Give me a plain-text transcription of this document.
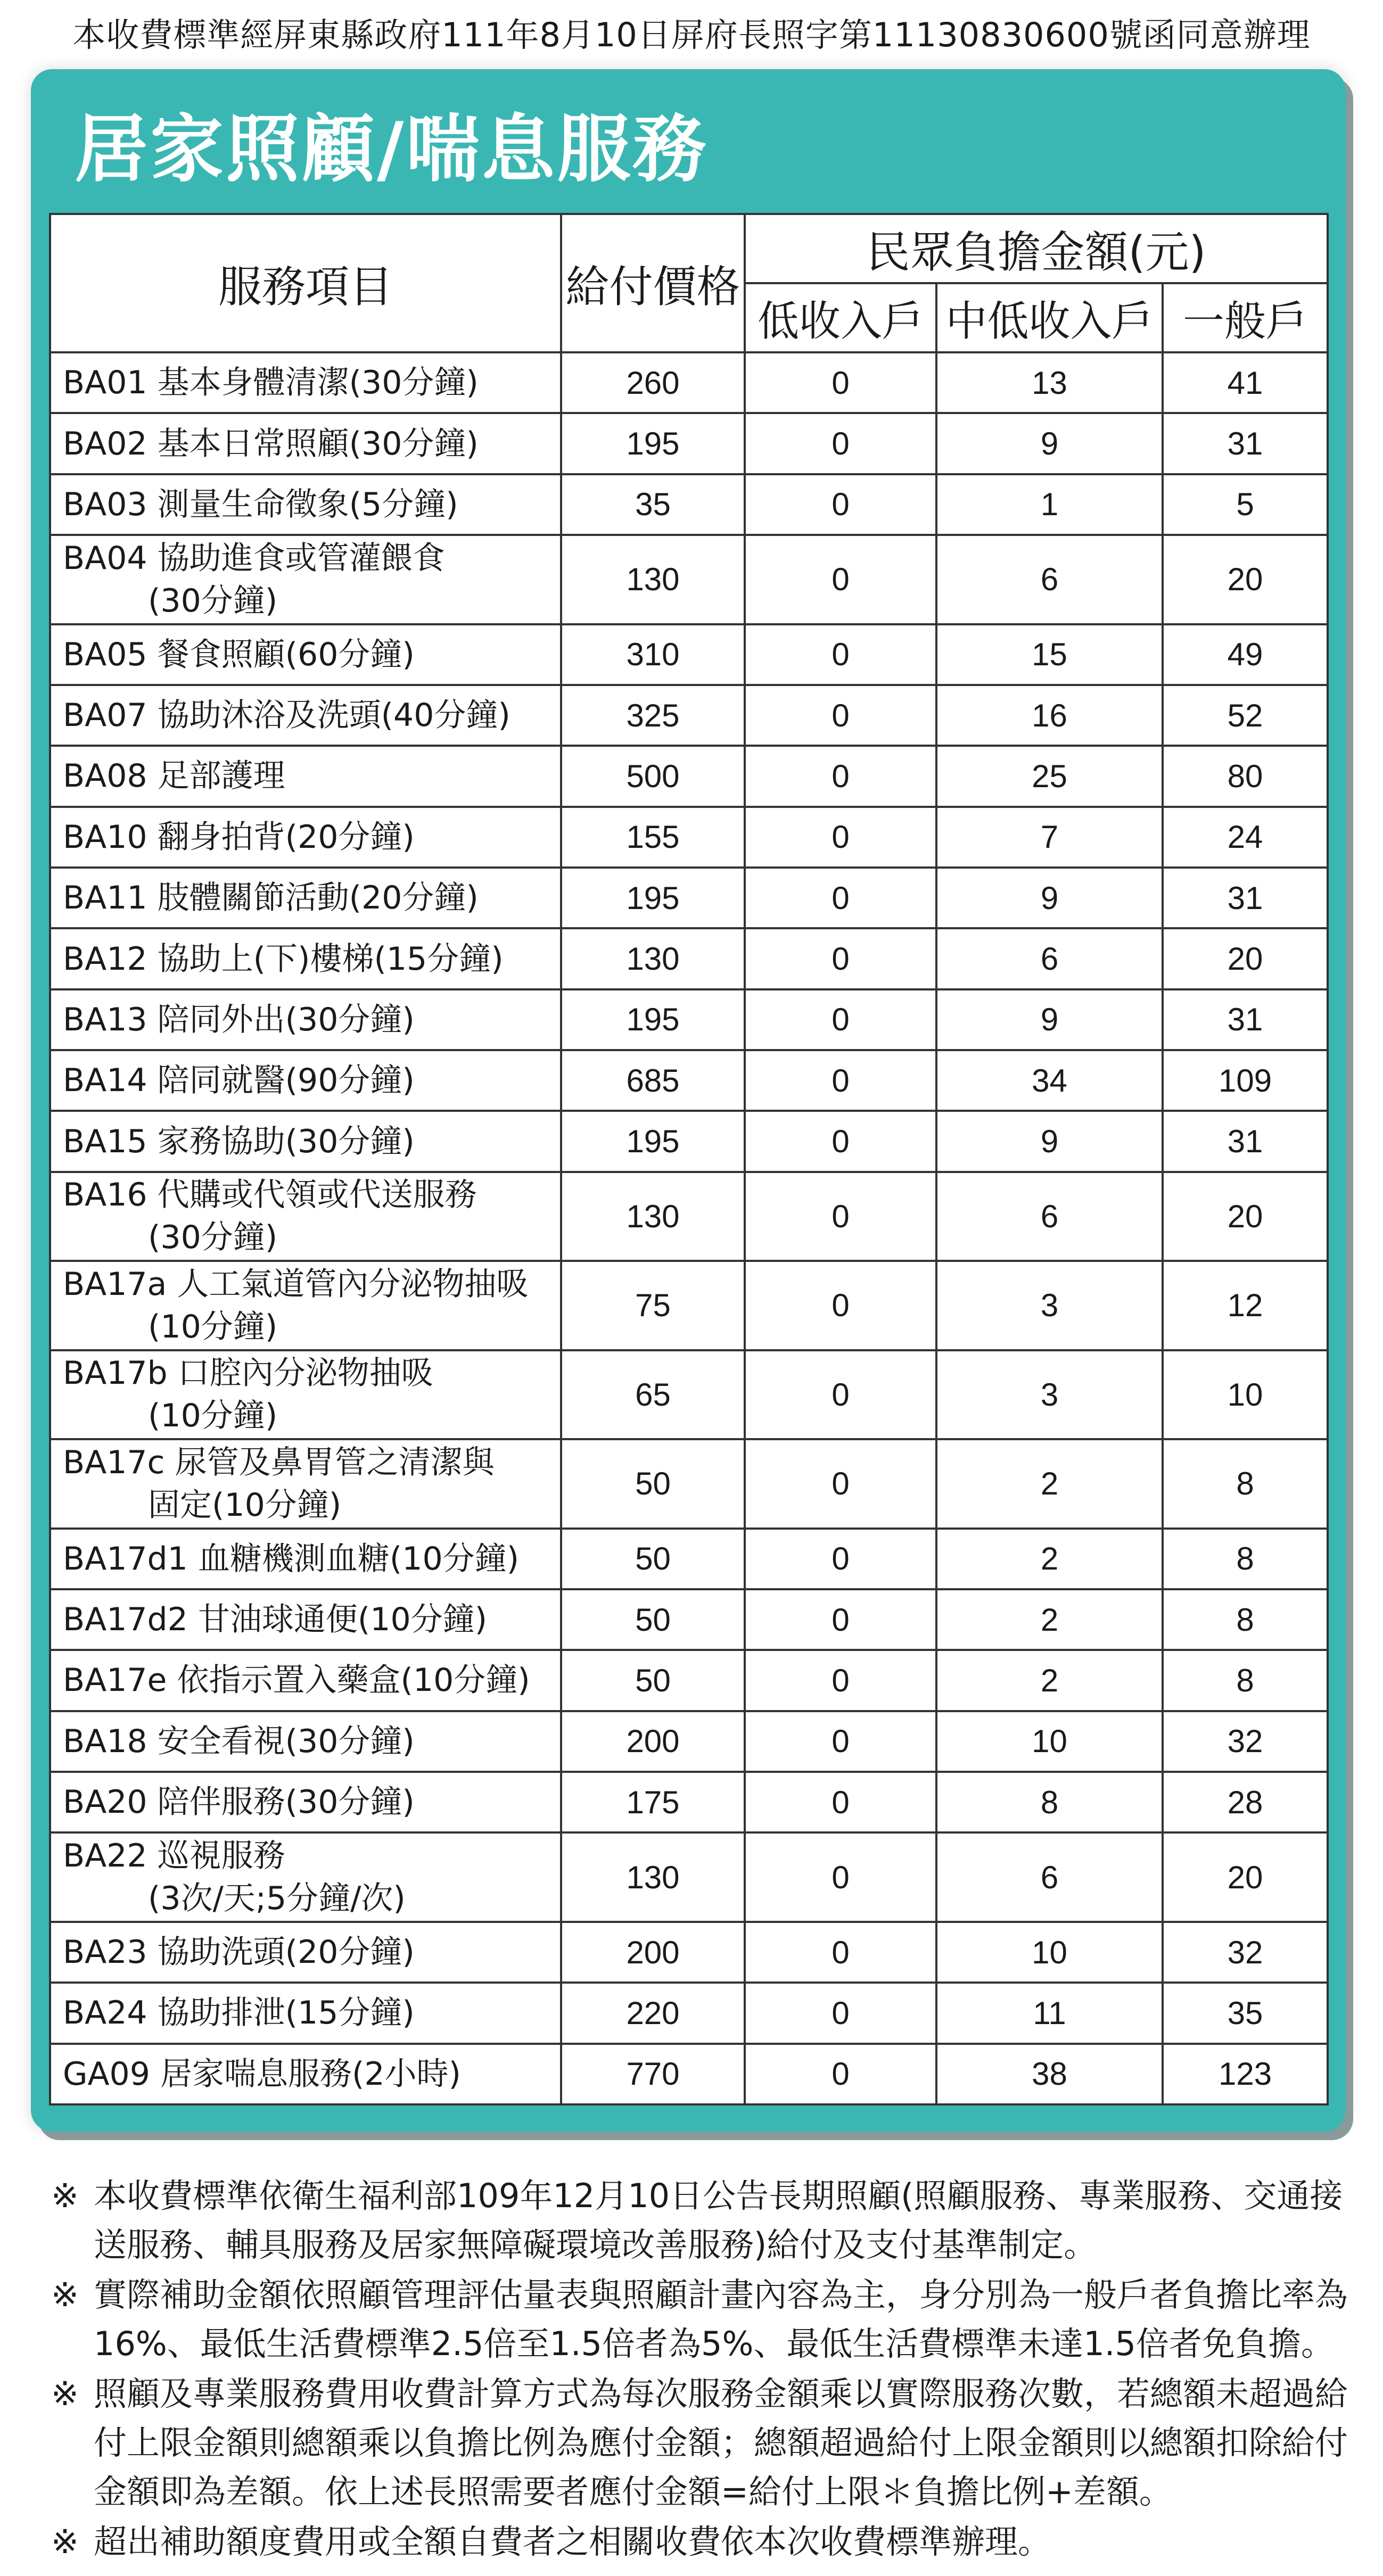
本收費標準經屏東縣政府111年8月10日屏府長照字第11130830600號函同意辦理
居家照顧/喘息服務
服務項目	給付價格	民眾負擔金額(元)		
		低收入戶	中低收入戶	一般戶
BA01 基本身體清潔(30分鐘)	260	0	13	41
BA02 基本日常照顧(30分鐘)	195	0	9	31
BA03 測量生命徵象(5分鐘)	35	0	1	5
BA04 協助進食或管灌餵食
(30分鐘)	130	0	6	20
BA05 餐食照顧(60分鐘)	310	0	15	49
BA07 協助沐浴及洗頭(40分鐘)	325	0	16	52
BA08 足部護理	500	0	25	80
BA10 翻身拍背(20分鐘)	155	0	7	24
BA11 肢體關節活動(20分鐘)	195	0	9	31
BA12 協助上(下)樓梯(15分鐘)	130	0	6	20
BA13 陪同外出(30分鐘)	195	0	9	31
BA14 陪同就醫(90分鐘)	685	0	34	109
BA15 家務協助(30分鐘)	195	0	9	31
BA16 代購或代領或代送服務
(30分鐘)	130	0	6	20
BA17a 人工氣道管內分泌物抽吸
(10分鐘)	75	0	3	12
BA17b 口腔內分泌物抽吸
(10分鐘)	65	0	3	10
BA17c 尿管及鼻胃管之清潔與
固定(10分鐘)	50	0	2	8
BA17d1 血糖機測血糖(10分鐘)	50	0	2	8
BA17d2 甘油球通便(10分鐘)	50	0	2	8
BA17e 依指示置入藥盒(10分鐘)	50	0	2	8
BA18 安全看視(30分鐘)	200	0	10	32
BA20 陪伴服務(30分鐘)	175	0	8	28
BA22 巡視服務
(3次/天;5分鐘/次)	130	0	6	20
BA23 協助洗頭(20分鐘)	200	0	10	32
BA24 協助排泄(15分鐘)	220	0	11	35
GA09 居家喘息服務(2小時)	770	0	38	123
※ 本收費標準依衛生福利部109年12月10日公告長期照顧(照顧服務、專業服務、交通接送服務、輔具服務及居家無障礙環境改善服務)給付及支付基準制定。
※ 實際補助金額依照顧管理評估量表與照顧計畫內容為主，身分別為一般戶者負擔比率為16%、最低生活費標準2.5倍至1.5倍者為5%、最低生活費標準未達1.5倍者免負擔。
※ 照顧及專業服務費用收費計算方式為每次服務金額乘以實際服務次數，若總額未超過給付上限金額則總額乘以負擔比例為應付金額；總額超過給付上限金額則以總額扣除給付金額即為差額。依上述長照需要者應付金額=給付上限＊負擔比例+差額。
※ 超出補助額度費用或全額自費者之相關收費依本次收費標準辦理。
